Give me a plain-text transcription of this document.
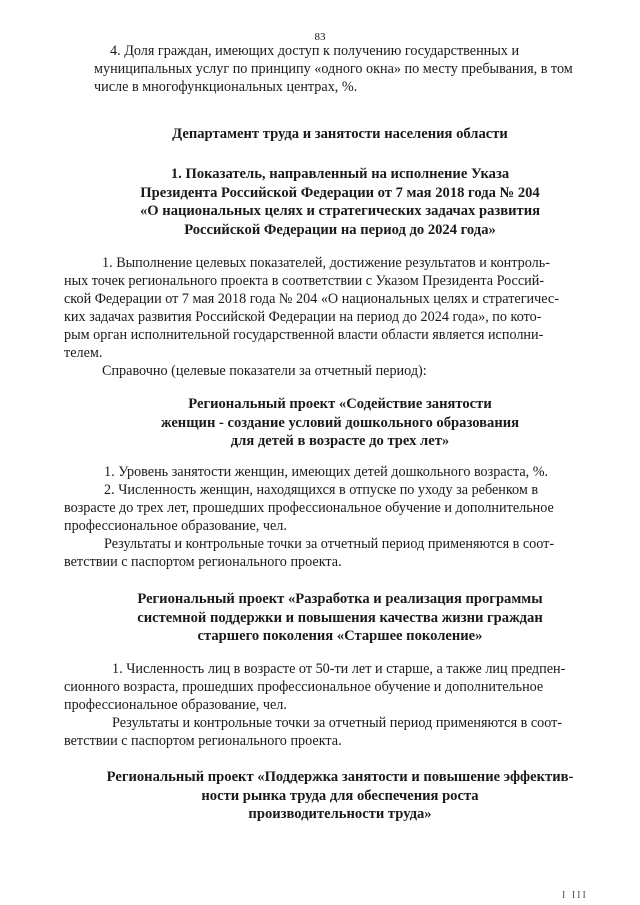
83
4. Доля граждан, имеющих доступ к получению государственных и
муниципальных услуг по принципу «одного окна» по месту пребывания, в том
числе в многофункциональных центрах, %.
Департамент труда и занятости населения области
1. Показатель, направленный на исполнение Указа
Президента Российской Федерации от 7 мая 2018 года № 204
«О национальных целях и стратегических задачах развития
Российской Федерации на период до 2024 года»
1. Выполнение целевых показателей, достижение результатов и контроль-
ных точек регионального проекта в соответствии с Указом Президента Россий-
ской Федерации от 7 мая 2018 года № 204 «О национальных целях и стратегичес-
ких задачах развития Российской Федерации на период до 2024 года», по кото-
рым орган исполнительной государственной власти области является исполни-
телем.
Справочно (целевые показатели за отчетный период):
Региональный проект «Содействие занятости
женщин - создание условий дошкольного образования
для детей в возрасте до трех лет»
1. Уровень занятости женщин, имеющих детей дошкольного возраста, %.
2. Численность женщин, находящихся в отпуске по уходу за ребенком в
возрасте до трех лет, прошедших профессиональное обучение и дополнительное
профессиональное образование, чел.
Результаты и контрольные точки за отчетный период применяются в соот-
ветствии с паспортом регионального проекта.
Региональный проект «Разработка и реализация программы
системной поддержки и повышения качества жизни граждан
старшего поколения «Старшее поколение»
1. Численность лиц в возрасте от 50-ти лет и старше, а также лиц предпен-
сионного возраста, прошедших профессиональное обучение и дополнительное
профессиональное образование, чел.
Результаты и контрольные точки за отчетный период применяются в соот-
ветствии с паспортом регионального проекта.
Региональный проект «Поддержка занятости и повышение эффектив-
ности рынка труда для обеспечения роста
производительности труда»
I III
